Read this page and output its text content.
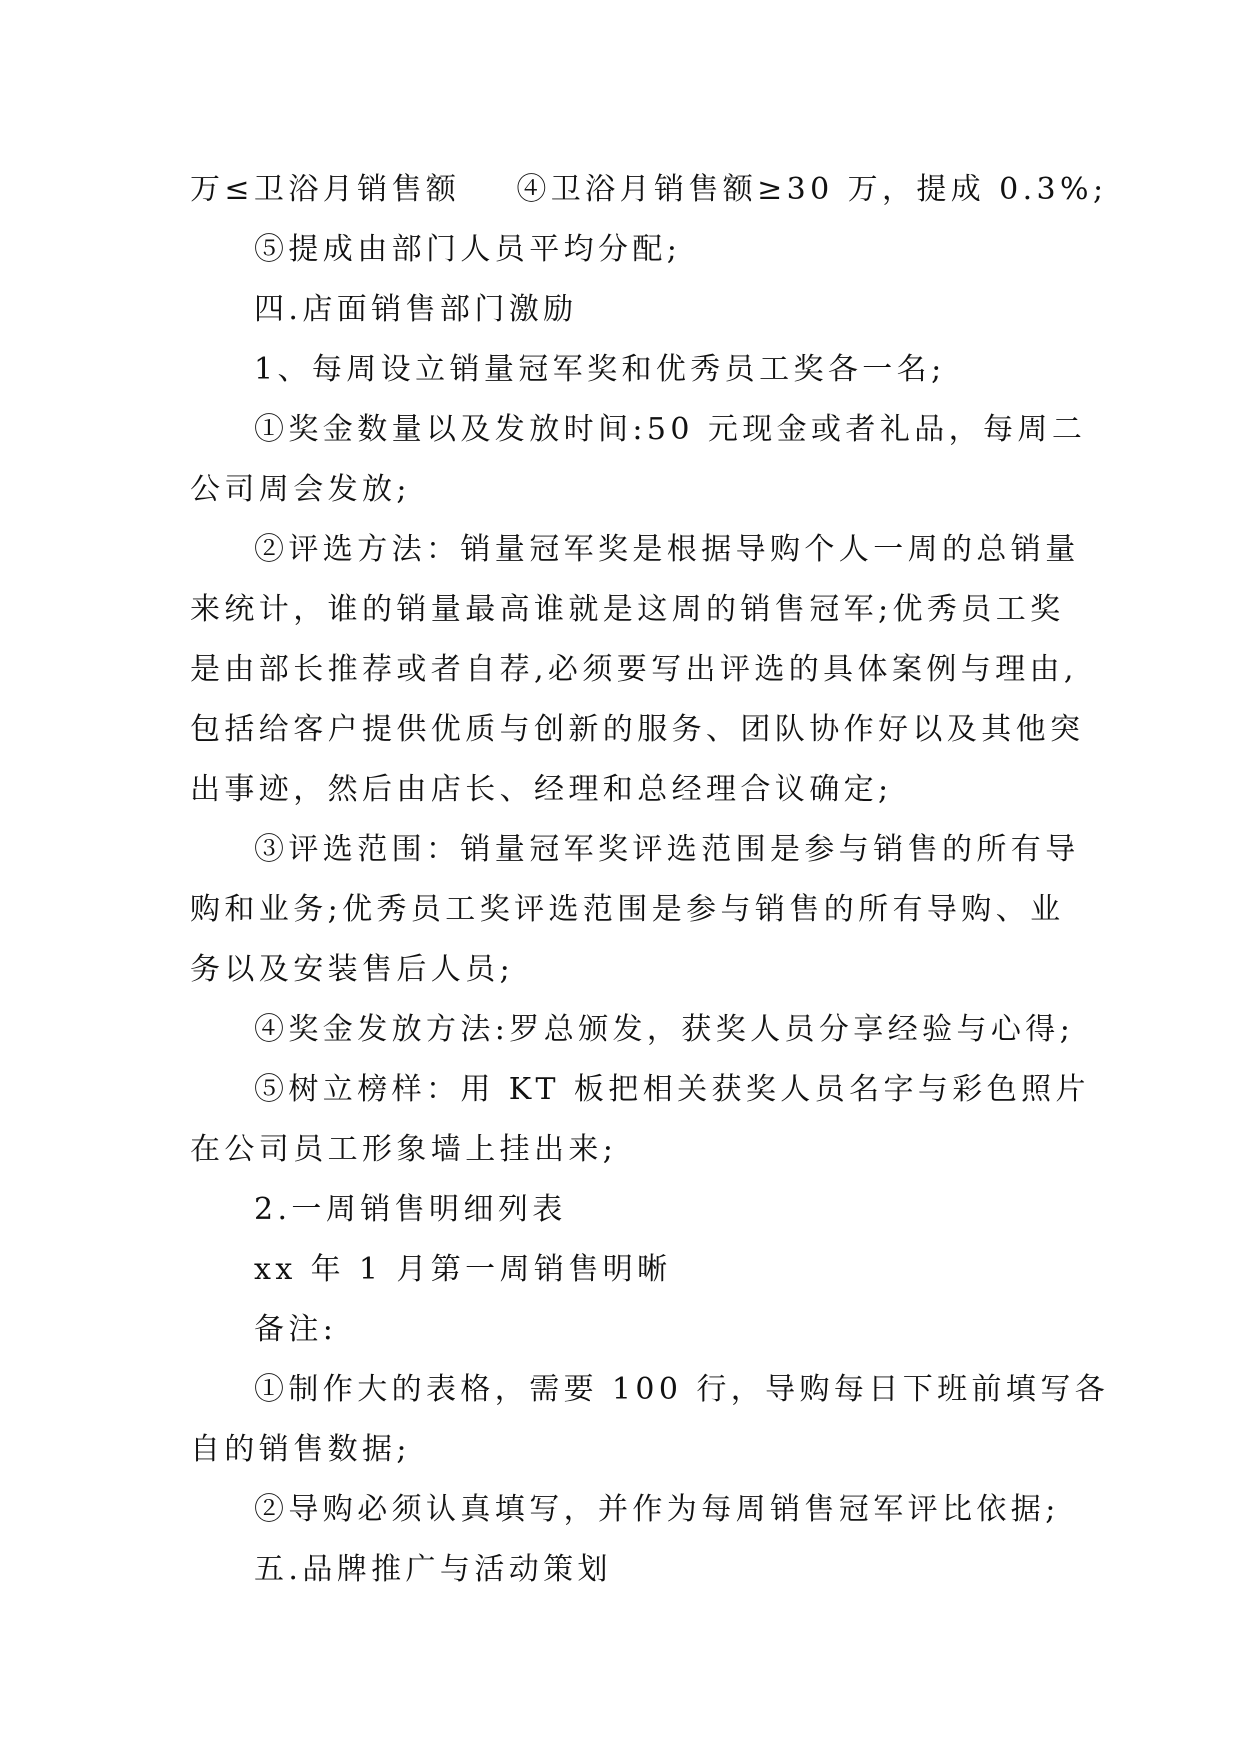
万≤卫浴月销售额 ④卫浴月销售额≥30 万，提成 0.3%;

⑤提成由部门人员平均分配;

四.店面销售部门激励

1、每周设立销量冠军奖和优秀员工奖各一名;

①奖金数量以及发放时间:50 元现金或者礼品，每周二

公司周会发放;

②评选方法：销量冠军奖是根据导购个人一周的总销量

来统计，谁的销量最高谁就是这周的销售冠军;优秀员工奖

是由部长推荐或者自荐,必须要写出评选的具体案例与理由,

包括给客户提供优质与创新的服务、团队协作好以及其他突

出事迹，然后由店长、经理和总经理合议确定;

③评选范围：销量冠军奖评选范围是参与销售的所有导

购和业务;优秀员工奖评选范围是参与销售的所有导购、业

务以及安装售后人员;

④奖金发放方法:罗总颁发，获奖人员分享经验与心得;

⑤树立榜样：用 KT 板把相关获奖人员名字与彩色照片

在公司员工形象墙上挂出来;

2.一周销售明细列表

xx 年 1 月第一周销售明晰

备注:

①制作大的表格，需要 100 行，导购每日下班前填写各

自的销售数据;

②导购必须认真填写，并作为每周销售冠军评比依据;

五.品牌推广与活动策划
